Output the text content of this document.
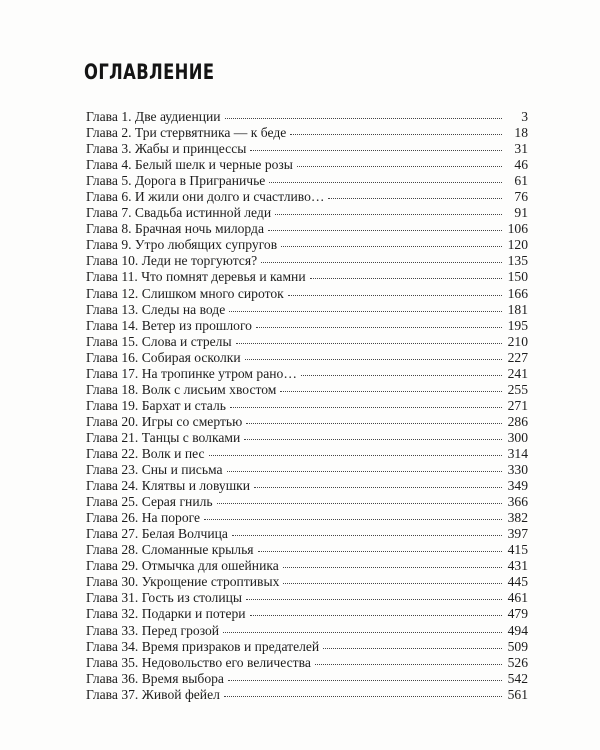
ОГЛАВЛЕНИЕ
Глава 1. Две аудиенции	3
Глава 2. Три стервятника — к беде	18
Глава 3. Жабы и принцессы	31
Глава 4. Белый шелк и черные розы	46
Глава 5. Дорога в Приграничье	61
Глава 6. И жили они долго и счастливо…	76
Глава 7. Свадьба истинной леди	91
Глава 8. Брачная ночь милорда	106
Глава 9. Утро любящих супругов	120
Глава 10. Леди не торгуются?	135
Глава 11. Что помнят деревья и камни	150
Глава 12. Слишком много сироток	166
Глава 13. Следы на воде	181
Глава 14. Ветер из прошлого	195
Глава 15. Слова и стрелы	210
Глава 16. Собирая осколки	227
Глава 17. На тропинке утром рано…	241
Глава 18. Волк с лисьим хвостом	255
Глава 19. Бархат и сталь	271
Глава 20. Игры со смертью	286
Глава 21. Танцы с волками	300
Глава 22. Волк и пес	314
Глава 23. Сны и письма	330
Глава 24. Клятвы и ловушки	349
Глава 25. Серая гниль	366
Глава 26. На пороге	382
Глава 27. Белая Волчица	397
Глава 28. Сломанные крылья	415
Глава 29. Отмычка для ошейника	431
Глава 30. Укрощение строптивых	445
Глава 31. Гость из столицы	461
Глава 32. Подарки и потери	479
Глава 33. Перед грозой	494
Глава 34. Время призраков и предателей	509
Глава 35. Недовольство его величества	526
Глава 36. Время выбора	542
Глава 37. Живой фейел	561
